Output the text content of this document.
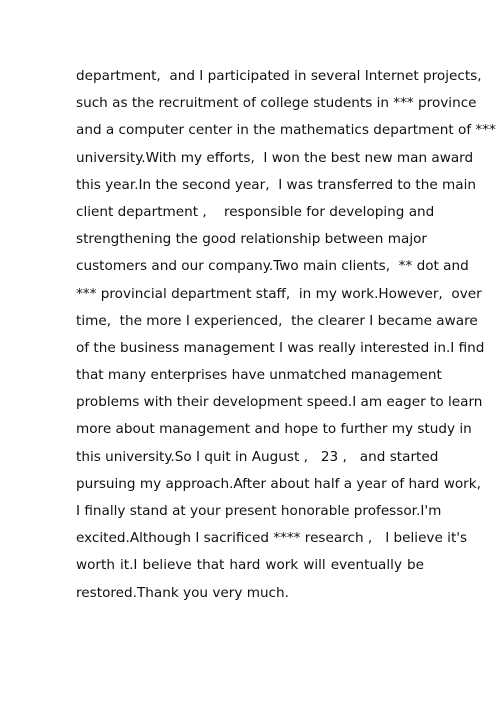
department,  and I participated in several Internet projects,
such as the recruitment of college students in *** province
and a computer center in the mathematics department of ***
university.With my efforts,  I won the best new man award
this year.In the second year,  I was transferred to the main
client department ,    responsible for developing and
strengthening the good relationship between major
customers and our company.Two main clients,  ** dot and
*** provincial department staff,  in my work.However,  over
time,  the more I experienced,  the clearer I became aware
of the business management I was really interested in.I find
that many enterprises have unmatched management
problems with their development speed.I am eager to learn
more about management and hope to further my study in
this university.So I quit in August ,   23 ,   and started
pursuing my approach.After about half a year of hard work,
I finally stand at your present honorable professor.I'm
excited.Although I sacrificed **** research ,   I believe it's
worth it.I believe that hard work will eventually be
restored.Thank you very much.
